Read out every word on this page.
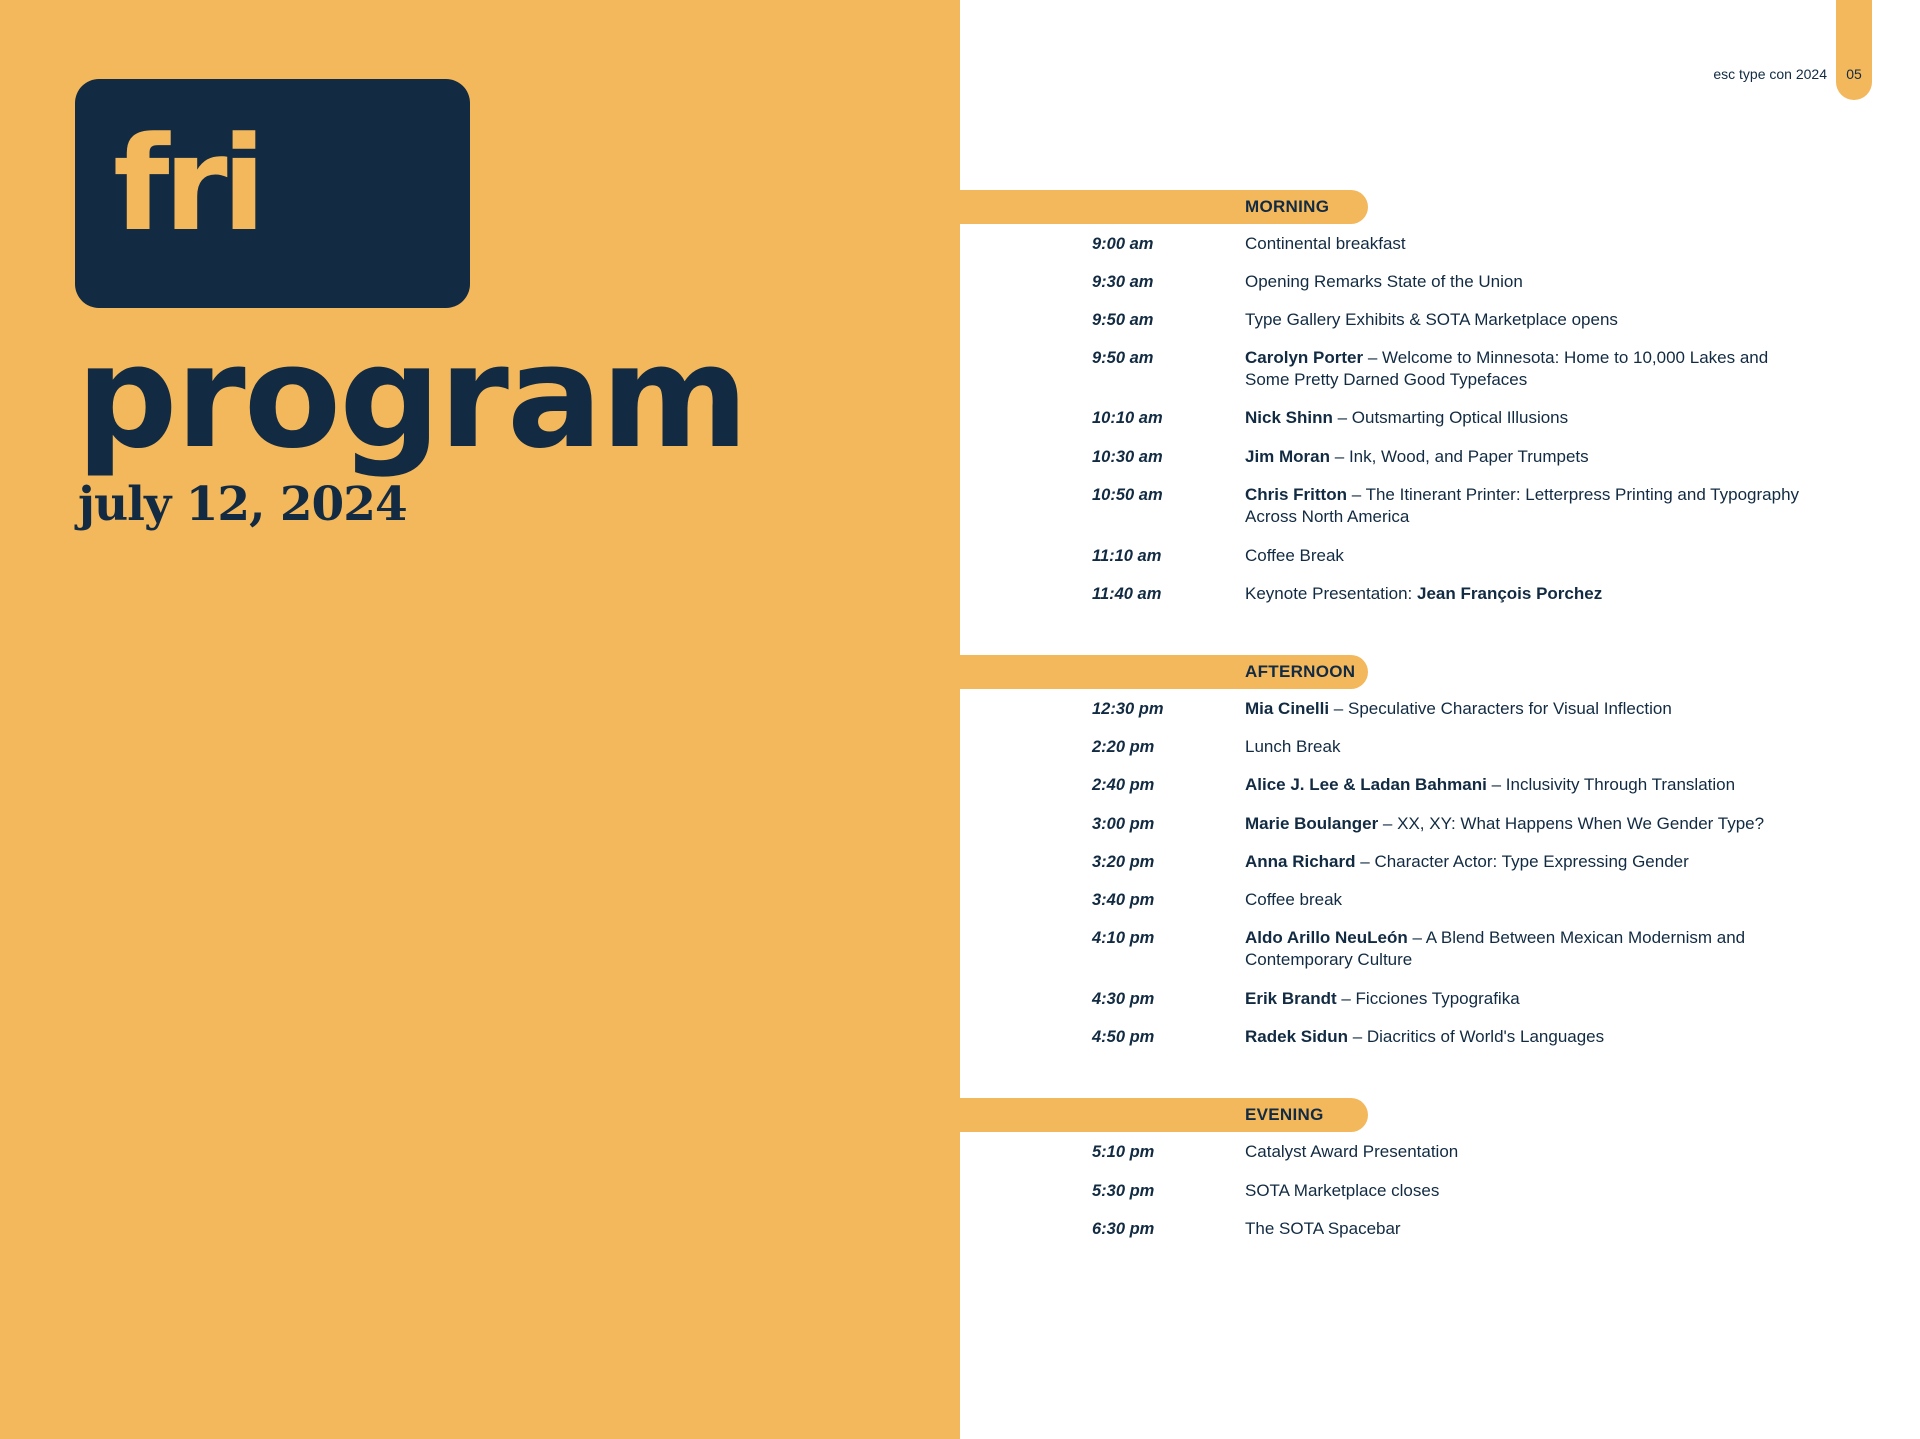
fri
program
july 12, 2024
esc type con 2024	05
MORNING
9:00 am	Continental breakfast
9:30 am	Opening Remarks State of the Union
9:50 am	Type Gallery Exhibits & SOTA Marketplace opens
9:50 am	Carolyn Porter – Welcome to Minnesota: Home to 10,000 Lakes and Some Pretty Darned Good Typefaces
10:10 am	Nick Shinn – Outsmarting Optical Illusions
10:30 am	Jim Moran – Ink, Wood, and Paper Trumpets
10:50 am	Chris Fritton – The Itinerant Printer: Letterpress Printing and Typography Across North America
11:10 am	Coffee Break
11:40 am	Keynote Presentation: Jean François Porchez
AFTERNOON
12:30 pm	Mia Cinelli – Speculative Characters for Visual Inflection
2:20 pm	Lunch Break
2:40 pm	Alice J. Lee & Ladan Bahmani – Inclusivity Through Translation
3:00 pm	Marie Boulanger – XX, XY: What Happens When We Gender Type?
3:20 pm	Anna Richard – Character Actor: Type Expressing Gender
3:40 pm	Coffee break
4:10 pm	Aldo Arillo NeuLeón – A Blend Between Mexican Modernism and Contemporary Culture
4:30 pm	Erik Brandt – Ficciones Typografika
4:50 pm	Radek Sidun – Diacritics of World's Languages
EVENING
5:10 pm	Catalyst Award Presentation
5:30 pm	SOTA Marketplace closes
6:30 pm	The SOTA Spacebar
